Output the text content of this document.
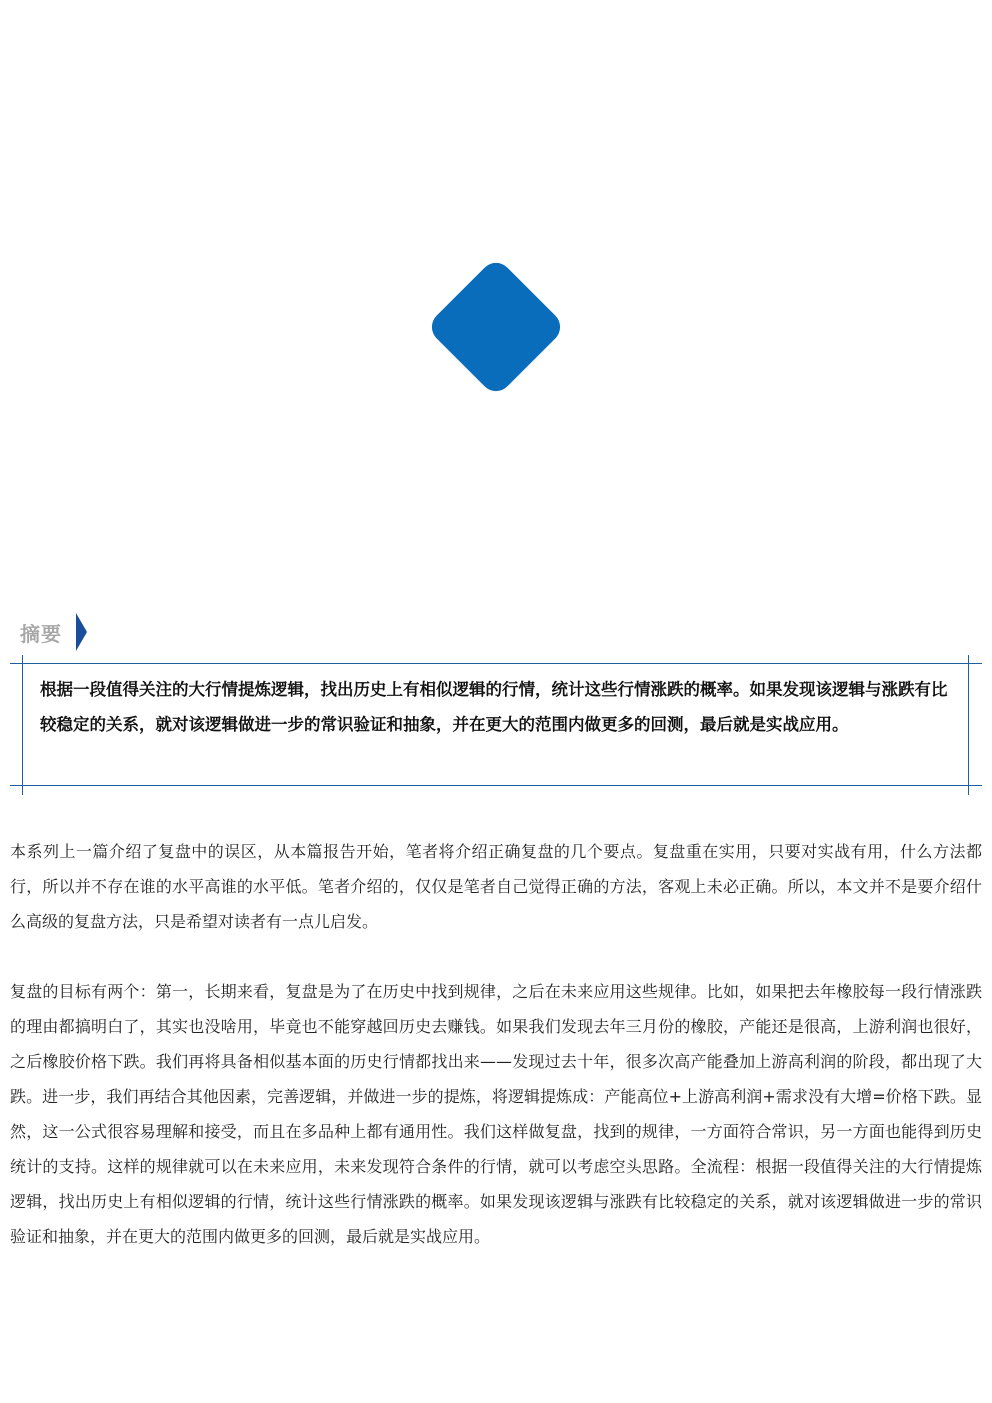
摘要
根据一段值得关注的大行情提炼逻辑，找出历史上有相似逻辑的行情，统计这些行情涨跌的概率。如果发现该逻辑与涨跌有比较稳定的关系，就对该逻辑做进一步的常识验证和抽象，并在更大的范围内做更多的回测，最后就是实战应用。

本系列上一篇介绍了复盘中的误区，从本篇报告开始，笔者将介绍正确复盘的几个要点。复盘重在实用，只要对实战有用，什么方法都行，所以并不存在谁的水平高谁的水平低。笔者介绍的，仅仅是笔者自己觉得正确的方法，客观上未必正确。所以，本文并不是要介绍什么高级的复盘方法，只是希望对读者有一点儿启发。

复盘的目标有两个：第一，长期来看，复盘是为了在历史中找到规律，之后在未来应用这些规律。比如，如果把去年橡胶每一段行情涨跌的理由都搞明白了，其实也没啥用，毕竟也不能穿越回历史去赚钱。如果我们发现去年三月份的橡胶，产能还是很高，上游利润也很好，之后橡胶价格下跌。我们再将具备相似基本面的历史行情都找出来——发现过去十年，很多次高产能叠加上游高利润的阶段，都出现了大跌。进一步，我们再结合其他因素，完善逻辑，并做进一步的提炼，将逻辑提炼成：产能高位+上游高利润+需求没有大增=价格下跌。显然，这一公式很容易理解和接受，而且在多品种上都有通用性。我们这样做复盘，找到的规律，一方面符合常识，另一方面也能得到历史统计的支持。这样的规律就可以在未来应用，未来发现符合条件的行情，就可以考虑空头思路。全流程：根据一段值得关注的大行情提炼逻辑，找出历史上有相似逻辑的行情，统计这些行情涨跌的概率。如果发现该逻辑与涨跌有比较稳定的关系，就对该逻辑做进一步的常识验证和抽象，并在更大的范围内做更多的回测，最后就是实战应用。
